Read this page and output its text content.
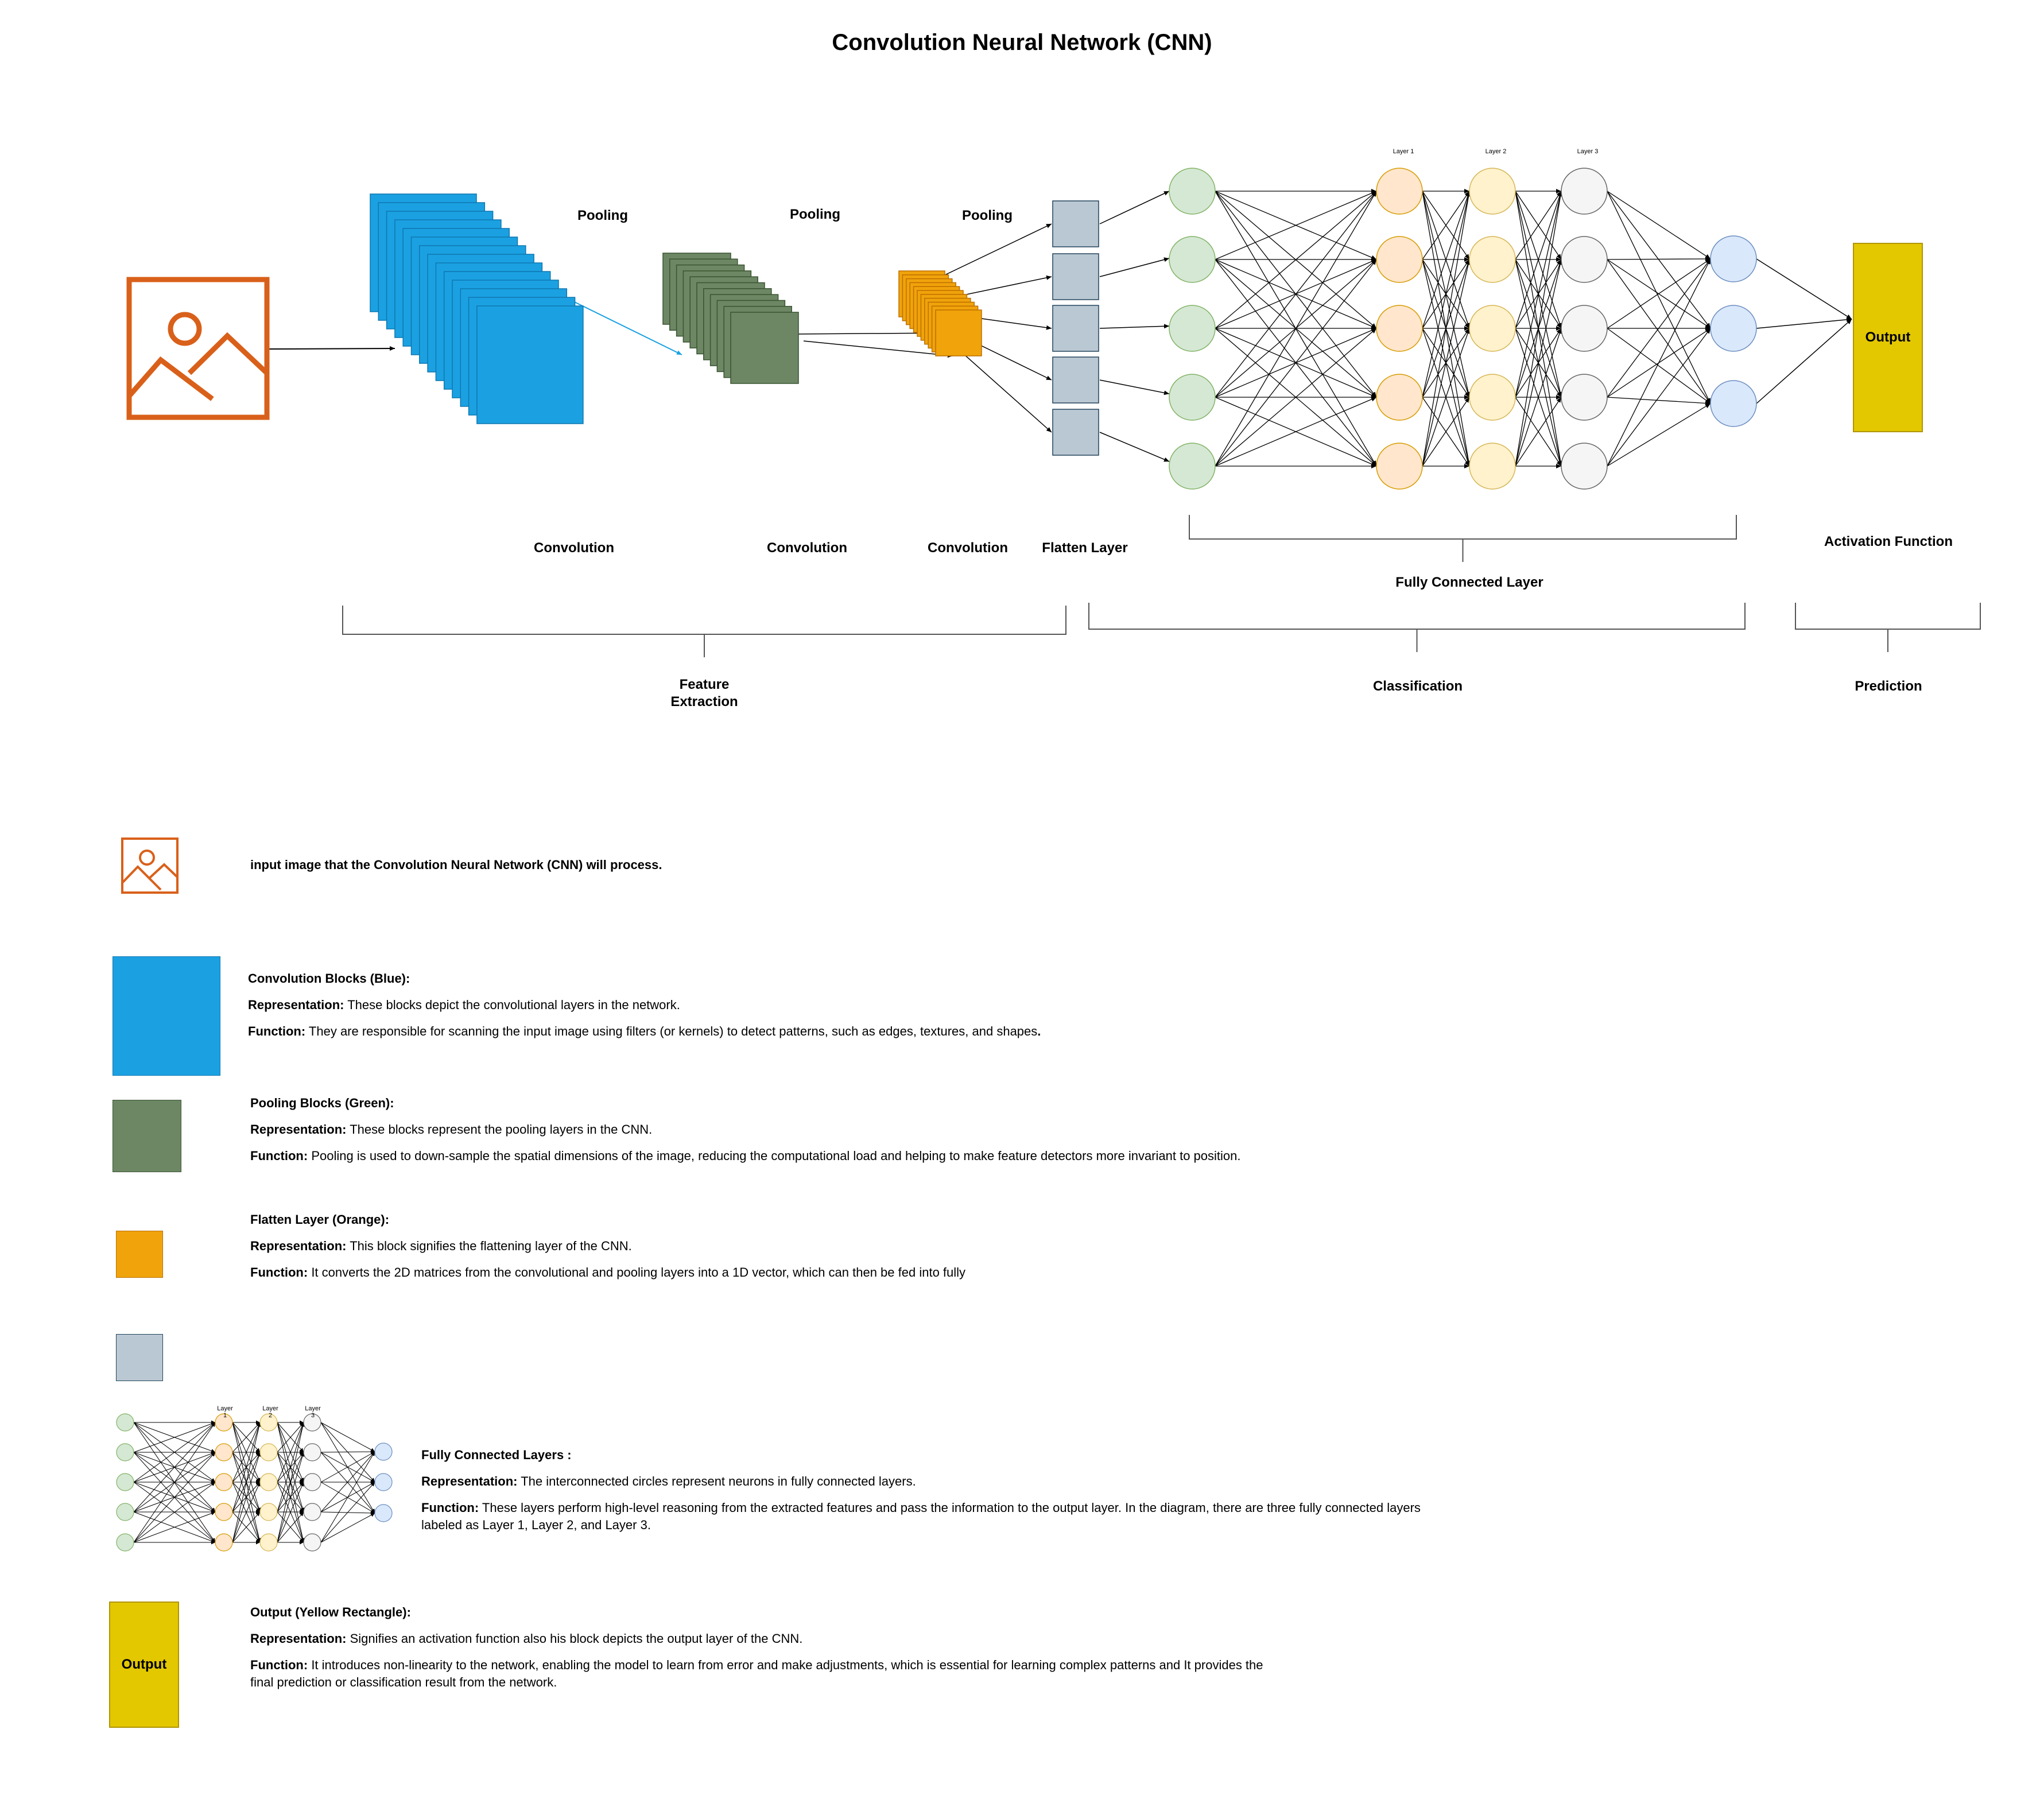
Convolution Neural Network (CNN)
Pooling	Pooling	Pooling
Convolution	Convolution	Convolution	Flatten Layer
Fully Connected Layer
Activation Function
Feature Extraction
Classification	Prediction
Output
Layer 1	Layer 2	Layer 3
input image that the Convolution Neural Network (CNN) will process.

Convolution Blocks (Blue):

Representation: These blocks depict the convolutional layers in the network.

Function: They are responsible for scanning the input image using filters (or kernels) to detect patterns, such as edges, textures, and shapes.

Pooling Blocks (Green):

Representation: These blocks represent the pooling layers in the CNN.

Function: Pooling is used to down-sample the spatial dimensions of the image, reducing the computational load and helping to make feature detectors more invariant to position.

Flatten Layer (Orange):

Representation: This block signifies the flattening layer of the CNN.

Function: It converts the 2D matrices from the convolutional and pooling layers into a 1D vector, which can then be fed into fully

Layer 1
Layer 2
Layer 3

Fully Connected Layers :

Representation: The interconnected circles represent neurons in fully connected layers.

Function: These layers perform high-level reasoning from the extracted features and pass the information to the output layer. In the diagram, there are three fully connected layers
labeled as Layer 1, Layer 2, and Layer 3.

Output

Output (Yellow Rectangle):

Representation: Signifies an activation function also his block depicts the output layer of the CNN.

Function: It introduces non-linearity to the network, enabling the model to learn from error and make adjustments, which is essential for learning complex patterns and It provides the
final prediction or classification result from the network.
